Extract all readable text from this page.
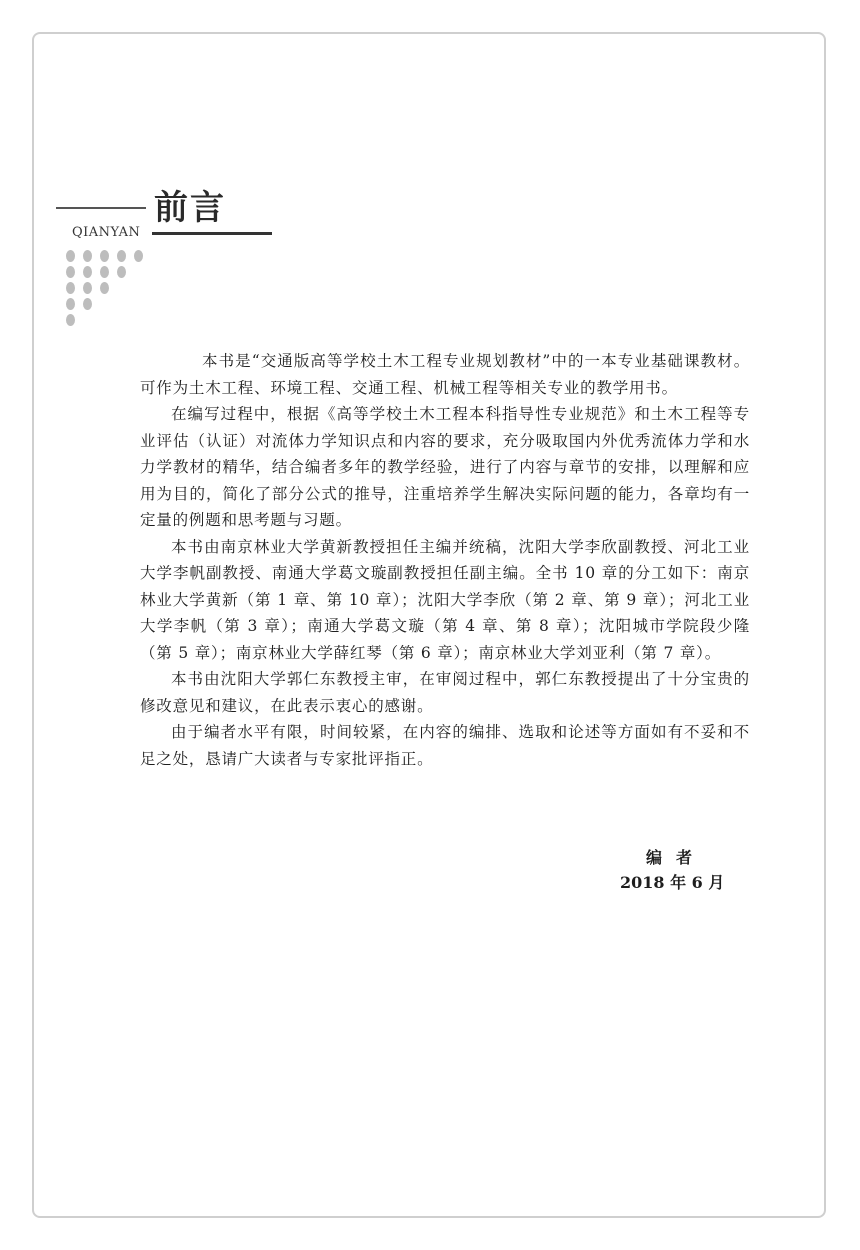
前言
QIANYAN

本书是“交通版高等学校土木工程专业规划教材”中的一本专业基础课教材。可作为土木工程、环境工程、交通工程、机械工程等相关专业的教学用书。

在编写过程中，根据《高等学校土木工程本科指导性专业规范》和土木工程等专业评估（认证）对流体力学知识点和内容的要求，充分吸取国内外优秀流体力学和水力学教材的精华，结合编者多年的教学经验，进行了内容与章节的安排，以理解和应用为目的，简化了部分公式的推导，注重培养学生解决实际问题的能力，各章均有一定量的例题和思考题与习题。

本书由南京林业大学黄新教授担任主编并统稿，沈阳大学李欣副教授、河北工业大学李帆副教授、南通大学葛文璇副教授担任副主编。全书 10 章的分工如下：南京林业大学黄新（第 1 章、第 10 章）；沈阳大学李欣（第 2 章、第 9 章）；河北工业大学李帆（第 3 章）；南通大学葛文璇（第 4 章、第 8 章）；沈阳城市学院段少隆（第 5 章）；南京林业大学薛红琴（第 6 章）；南京林业大学刘亚利（第 7 章）。

本书由沈阳大学郭仁东教授主审，在审阅过程中，郭仁东教授提出了十分宝贵的修改意见和建议，在此表示衷心的感谢。

由于编者水平有限，时间较紧，在内容的编排、选取和论述等方面如有不妥和不足之处，恳请广大读者与专家批评指正。

编者
2018 年 6 月
